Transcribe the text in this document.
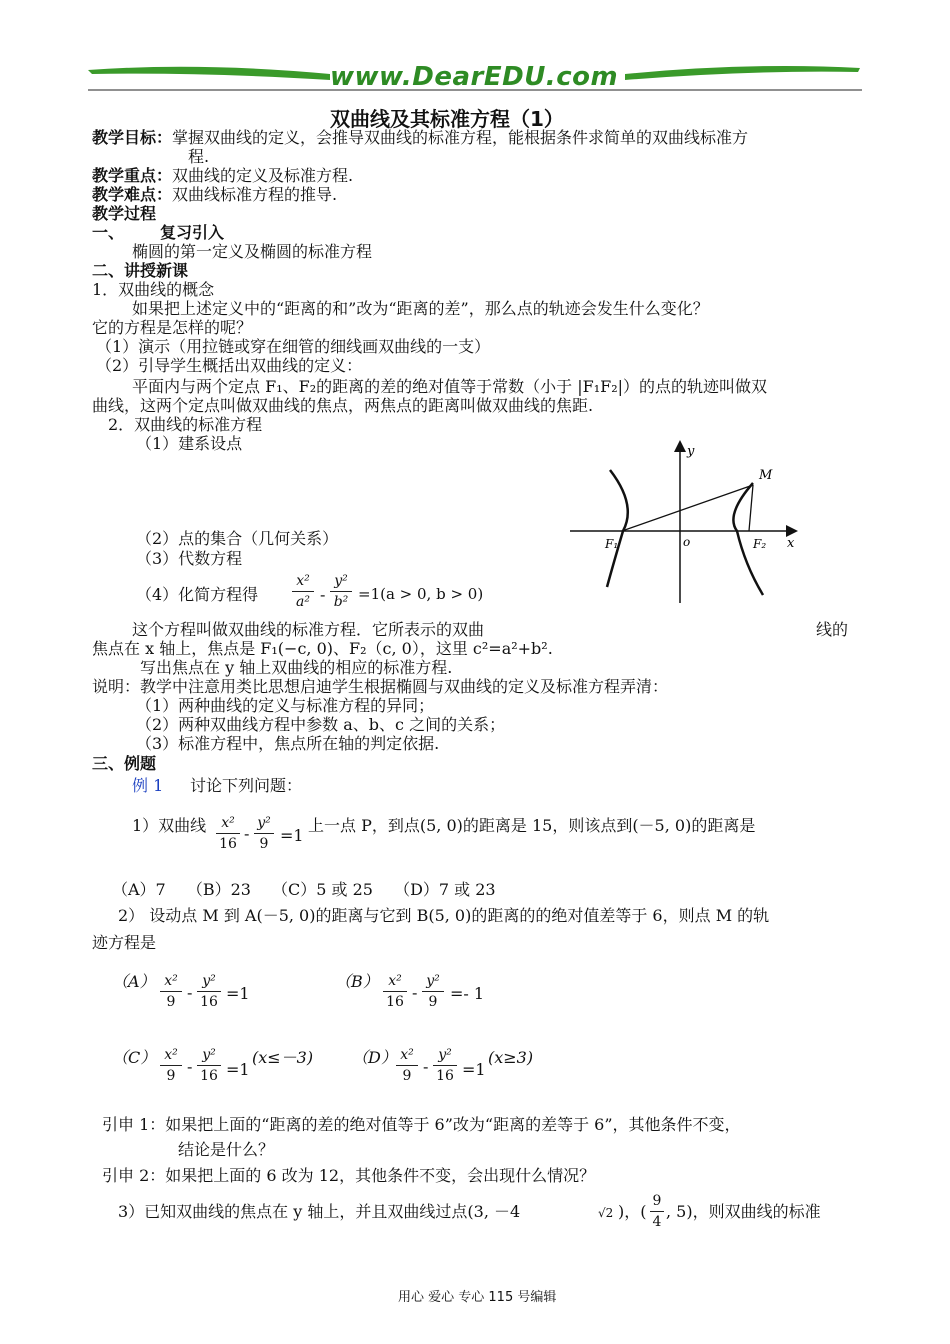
www.DearEDU.com
双曲线及其标准方程（1）
教学目标：掌握双曲线的定义，会推导双曲线的标准方程，能根据条件求简单的双曲线标准方
程.
教学重点：双曲线的定义及标准方程.
教学难点：双曲线标准方程的推导.
教学过程
一、 复习引入
椭圆的第一定义及椭圆的标准方程
二、讲授新课
1．双曲线的概念
如果把上述定义中的“距离的和”改为“距离的差”，那么点的轨迹会发生什么变化？
它的方程是怎样的呢？
（1）演示（用拉链或穿在细管的细线画双曲线的一支）
（2）引导学生概括出双曲线的定义：
平面内与两个定点 F₁、F₂的距离的差的绝对值等于常数（小于 |F₁F₂|）的点的轨迹叫做双
曲线，这两个定点叫做双曲线的焦点，两焦点的距离叫做双曲线的焦距.
2．双曲线的标准方程
（1）建系设点
（2）点的集合（几何关系）
（3）代数方程
（4）化简方程得
x²
a² -
y²
b² =1(a > 0, b > 0)
y
x
M
o
F₁	F₂
这个方程叫做双曲线的标准方程．它所表示的双曲	线的
焦点在 x 轴上，焦点是 F₁(−c, 0)、F₂（c, 0），这里 c²=a²+b².
写出焦点在 y 轴上双曲线的相应的标准方程.
说明：教学中注意用类比思想启迪学生根据椭圆与双曲线的定义及标准方程弄清：
（1）两种曲线的定义与标准方程的异同；
（2）两种双曲线方程中参数 a、b、c 之间的关系；
（3）标准方程中，焦点所在轴的判定依据.
三、例题
例 1 讨论下列问题：
1）双曲线	x²
16
-
y²
9 =1
上一点 P，到点(5, 0)的距离是 15，则该点到(－5, 0)的距离是
（A）7　 （B）23　 （C）5 或 25　 （D）7 或 23
2） 设动点 M 到 A(－5, 0)的距离与它到 B(5, 0)的距离的的绝对值差等于 6，则点 M 的轨
迹方程是
（A） x²
9 -
y²
16 =1
（B） x²
16 -
y²
9 =- 1
（C） x²
9 -
y²
16 =1
(x≤－3) （D） x²
9 -
y²
16 =1
(x≥3)
引申 1：如果把上面的“距离的差的绝对值等于 6”改为“距离的差等于 6”，其他条件不变，
结论是什么？
引申 2：如果把上面的 6 改为 12，其他条件不变，会出现什么情况？
3）已知双曲线的焦点在 y 轴上，并且双曲线过点(3, －4	√2 )，(
9
4
, 5)，则双曲线的标准
用心 爱心 专心 115 号编辑
